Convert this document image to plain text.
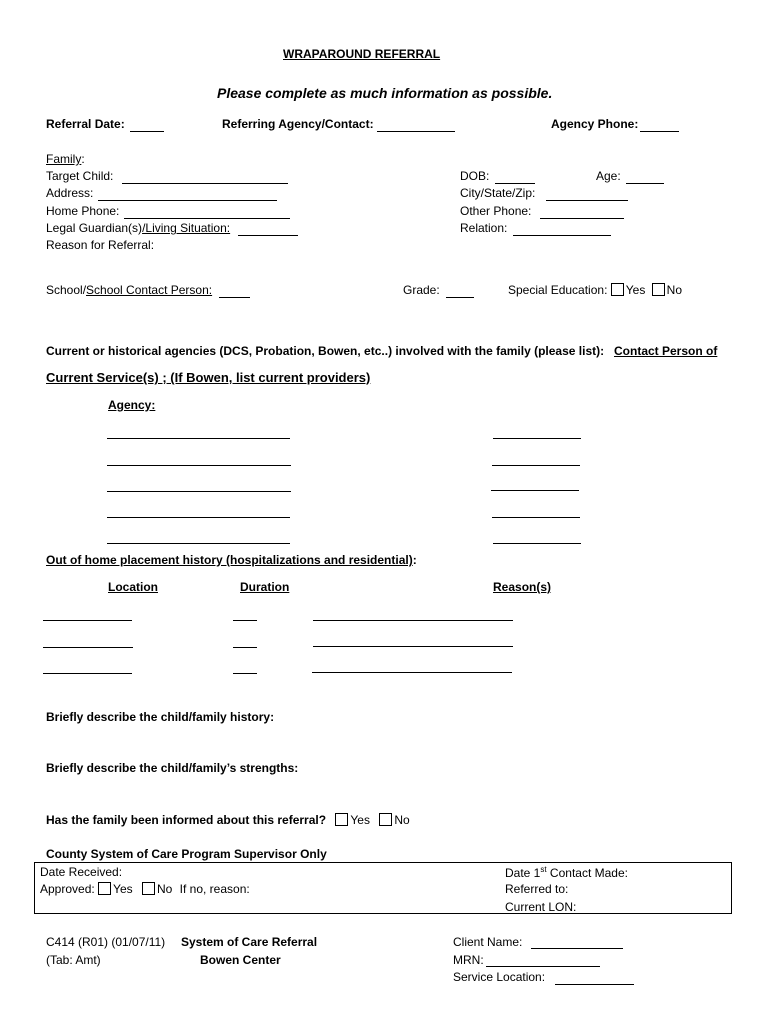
WRAPAROUND REFERRAL
Please complete as much information as possible.
Referral Date:	Referring Agency/Contact:	Agency Phone:
Family:
Target Child:	DOB:	Age:
Address:	City/State/Zip:
Home Phone:	Other Phone:
Legal Guardian(s)/Living Situation:	Relation:
Reason for Referral:
School/School Contact Person:	Grade:	Special Education: Yes No
Current or historical agencies (DCS, Probation, Bowen, etc..) involved with the family (please list): Contact Person of
Current Service(s) ; (If Bowen, list current providers)
Agency:
Out of home placement history (hospitalizations and residential):
Location	Duration	Reason(s)
Briefly describe the child/family history:
Briefly describe the child/family’s strengths:
Has the family been informed about this referral? Yes No
County System of Care Program Supervisor Only
Date Received:
Approved: Yes No If no, reason:
Date 1st Contact Made:
Referred to:
Current LON:
C414 (R01) (01/07/11)
(Tab: Amt)
System of Care Referral
Bowen Center
Client Name:
MRN:
Service Location:
